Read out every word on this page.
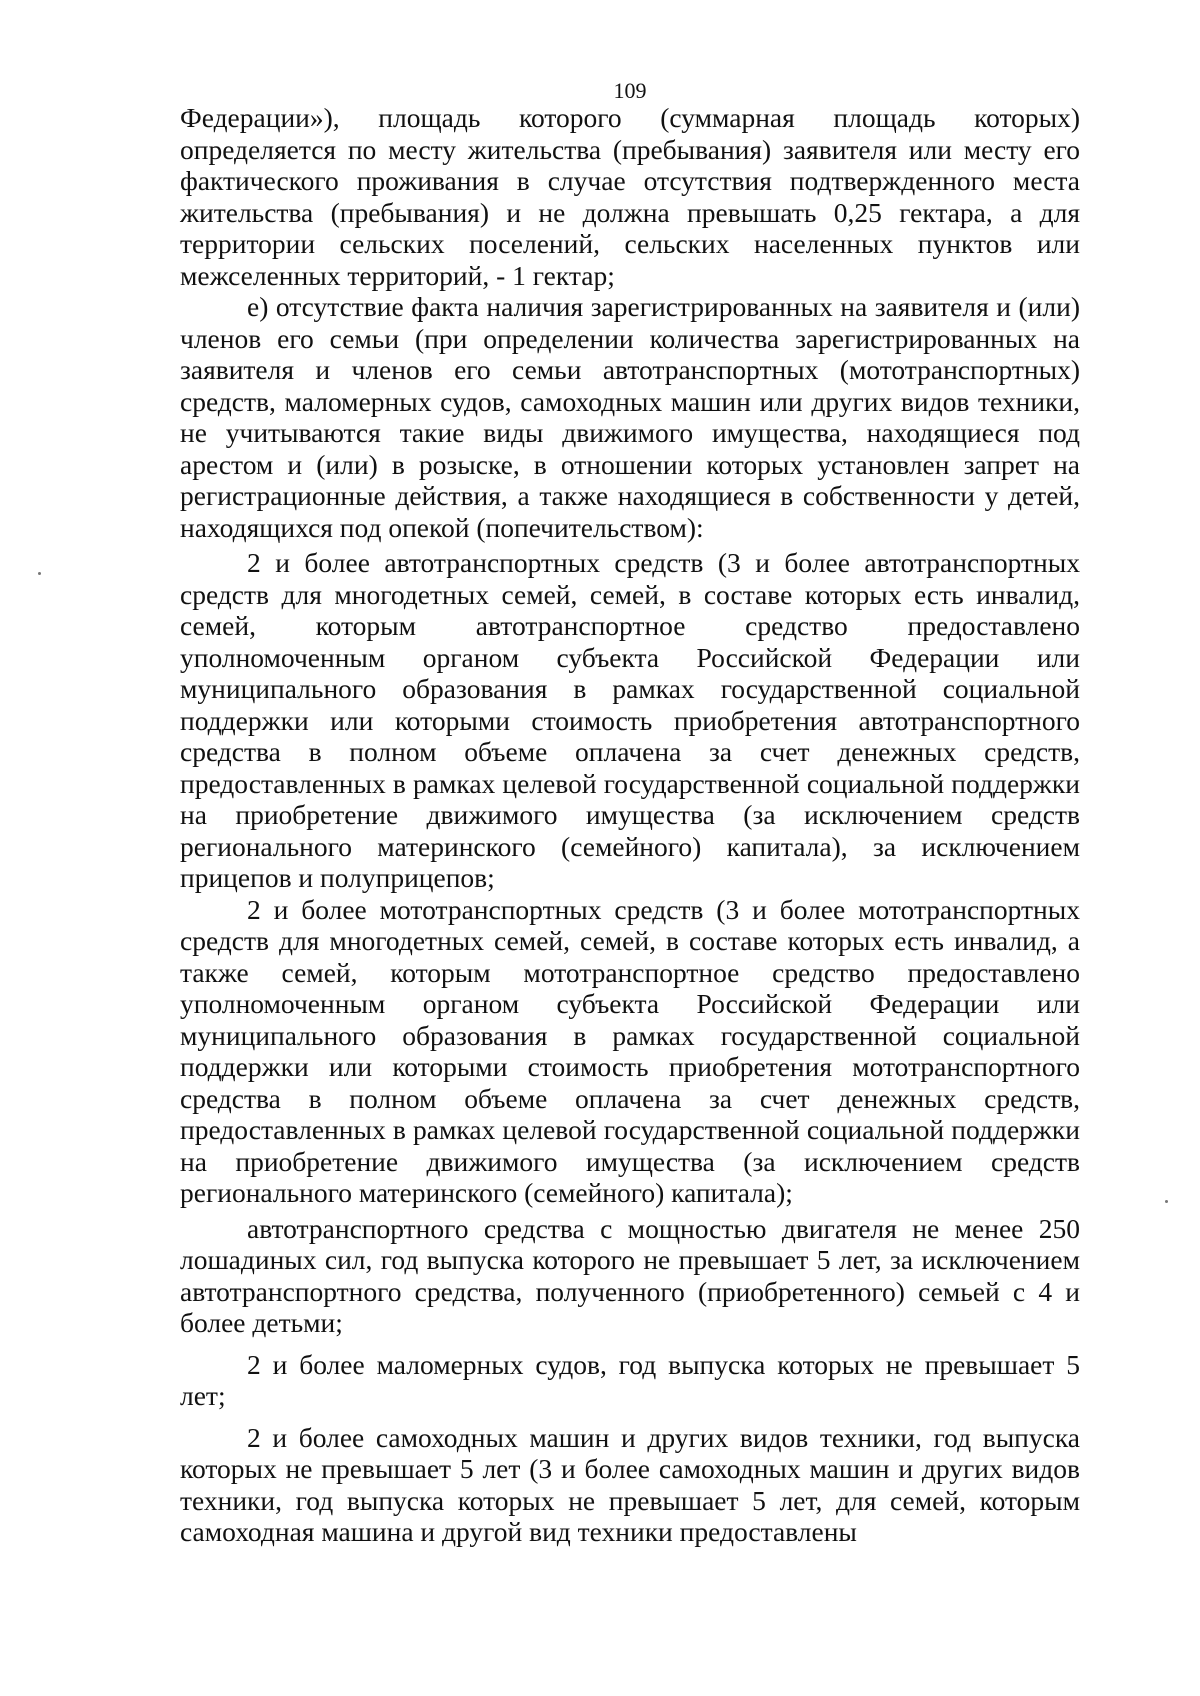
109

Федерации»), площадь которого (суммарная площадь которых) определяется по месту жительства (пребывания) заявителя или месту его фактического проживания в случае отсутствия подтвержденного места жительства (пребывания) и не должна превышать 0,25 гектара, а для территории сельских поселений, сельских населенных пунктов или межселенных территорий, - 1 гектар;

е) отсутствие факта наличия зарегистрированных на заявителя и (или) членов его семьи (при определении количества зарегистрированных на заявителя и членов его семьи автотранспортных (мототранспортных) средств, маломерных судов, самоходных машин или других видов техники, не учитываются такие виды движимого имущества, находящиеся под арестом и (или) в розыске, в отношении которых установлен запрет на регистрационные действия, а также находящиеся в собственности у детей, находящихся под опекой (попечительством):

2 и более автотранспортных средств (3 и более автотранспортных средств для многодетных семей, семей, в составе которых есть инвалид, семей, которым автотранспортное средство предоставлено уполномоченным органом субъекта Российской Федерации или муниципального образования в рамках государственной социальной поддержки или которыми стоимость приобретения автотранспортного средства в полном объеме оплачена за счет денежных средств, предоставленных в рамках целевой государственной социальной поддержки на приобретение движимого имущества (за исключением средств регионального материнского (семейного) капитала), за исключением прицепов и полуприцепов;

2 и более мототранспортных средств (3 и более мототранспортных средств для многодетных семей, семей, в составе которых есть инвалид, а также семей, которым мототранспортное средство предоставлено уполномоченным органом субъекта Российской Федерации или муниципального образования в рамках государственной социальной поддержки или которыми стоимость приобретения мототранспортного средства в полном объеме оплачена за счет денежных средств, предоставленных в рамках целевой государственной социальной поддержки на приобретение движимого имущества (за исключением средств регионального материнского (семейного) капитала);

автотранспортного средства с мощностью двигателя не менее 250 лошадиных сил, год выпуска которого не превышает 5 лет, за исключением автотранспортного средства, полученного (приобретенного) семьей с 4 и более детьми;

2 и более маломерных судов, год выпуска которых не превышает 5 лет;

2 и более самоходных машин и других видов техники, год выпуска которых не превышает 5 лет (3 и более самоходных машин и других видов техники, год выпуска которых не превышает 5 лет, для семей, которым самоходная машина и другой вид техники предоставлены
